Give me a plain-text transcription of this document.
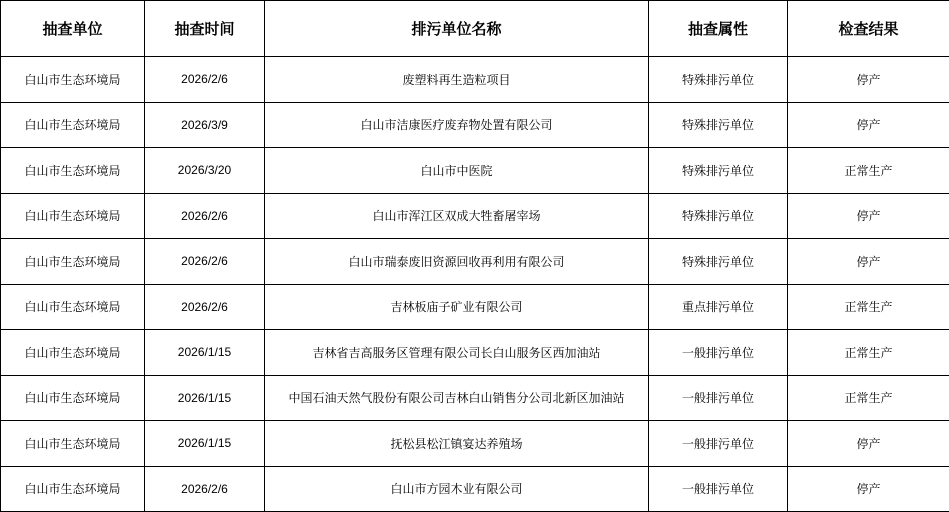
抽查单位	抽查时间	排污单位名称	抽查属性	检查结果
白山市生态环境局	2026/2/6	废塑料再生造粒项目	特殊排污单位	停产
白山市生态环境局	2026/3/9	白山市洁康医疗废弃物处置有限公司	特殊排污单位	停产
白山市生态环境局	2026/3/20	白山市中医院	特殊排污单位	正常生产
白山市生态环境局	2026/2/6	白山市浑江区双成大牲畜屠宰场	特殊排污单位	停产
白山市生态环境局	2026/2/6	白山市瑞泰废旧资源回收再利用有限公司	特殊排污单位	停产
白山市生态环境局	2026/2/6	吉林板庙子矿业有限公司	重点排污单位	正常生产
白山市生态环境局	2026/1/15	吉林省吉高服务区管理有限公司长白山服务区西加油站	一般排污单位	正常生产
白山市生态环境局	2026/1/15	中国石油天然气股份有限公司吉林白山销售分公司北新区加油站	一般排污单位	正常生产
白山市生态环境局	2026/1/15	抚松县松江镇宴达养殖场	一般排污单位	停产
白山市生态环境局	2026/2/6	白山市方园木业有限公司	一般排污单位	停产
